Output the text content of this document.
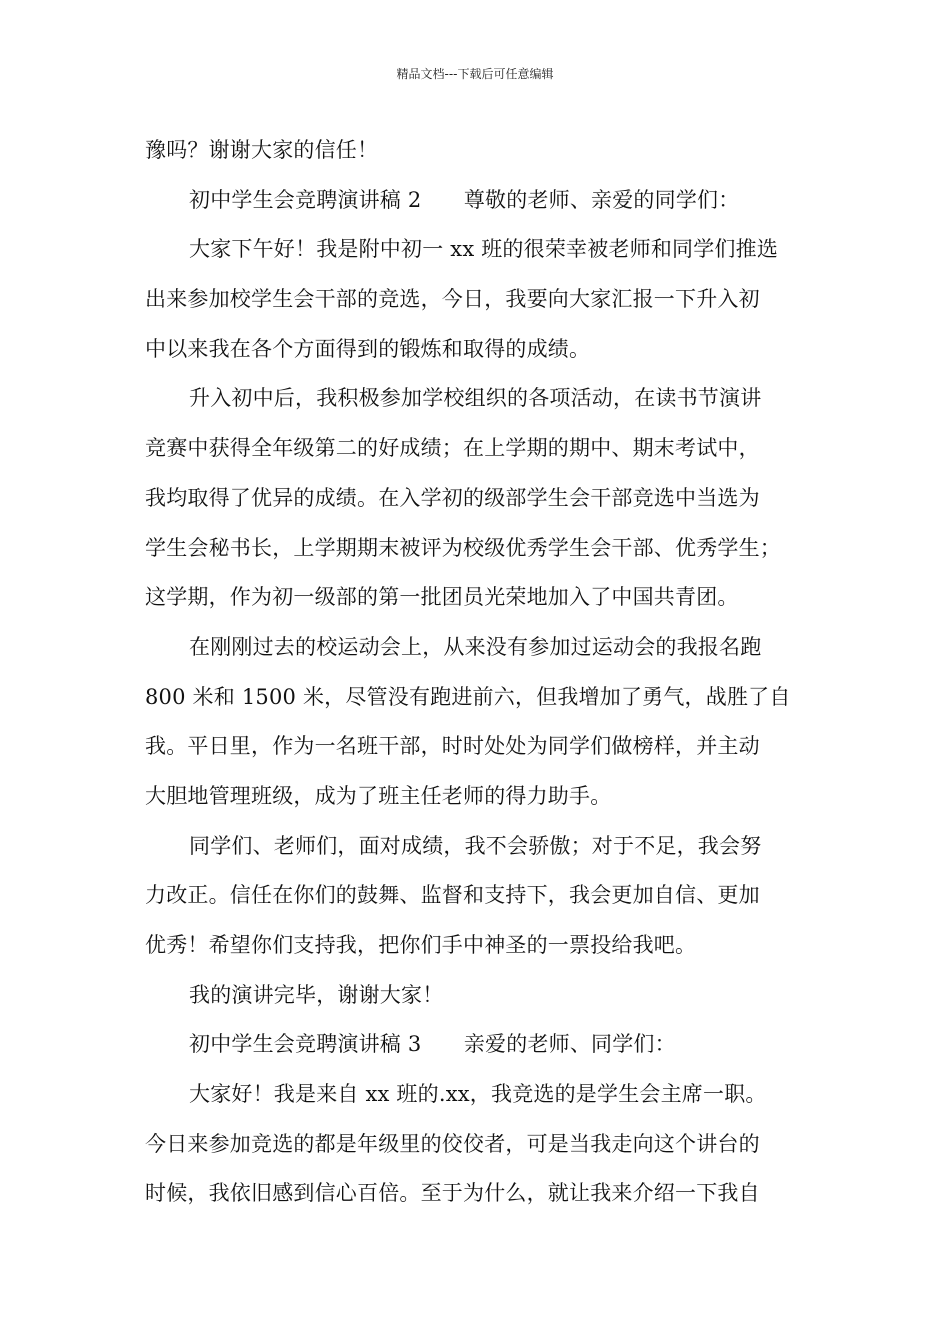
精品文档---下载后可任意编辑
豫吗？谢谢大家的信任！
初中学生会竞聘演讲稿 2　　尊敬的老师、亲爱的同学们：
大家下午好！我是附中初一 xx 班的很荣幸被老师和同学们推选
出来参加校学生会干部的竞选，今日，我要向大家汇报一下升入初
中以来我在各个方面得到的锻炼和取得的成绩。
升入初中后，我积极参加学校组织的各项活动，在读书节演讲
竞赛中获得全年级第二的好成绩；在上学期的期中、期末考试中，
我均取得了优异的成绩。在入学初的级部学生会干部竞选中当选为
学生会秘书长，上学期期末被评为校级优秀学生会干部、优秀学生；
这学期，作为初一级部的第一批团员光荣地加入了中国共青团。
在刚刚过去的校运动会上，从来没有参加过运动会的我报名跑
800 米和 1500 米，尽管没有跑进前六，但我增加了勇气，战胜了自
我。平日里，作为一名班干部，时时处处为同学们做榜样，并主动
大胆地管理班级，成为了班主任老师的得力助手。
同学们、老师们，面对成绩，我不会骄傲；对于不足，我会努
力改正。信任在你们的鼓舞、监督和支持下，我会更加自信、更加
优秀！希望你们支持我，把你们手中神圣的一票投给我吧。
我的演讲完毕，谢谢大家！
初中学生会竞聘演讲稿 3　　亲爱的老师、同学们：
大家好！我是来自 xx 班的.xx，我竞选的是学生会主席一职。
今日来参加竞选的都是年级里的佼佼者，可是当我走向这个讲台的
时候，我依旧感到信心百倍。至于为什么，就让我来介绍一下我自
